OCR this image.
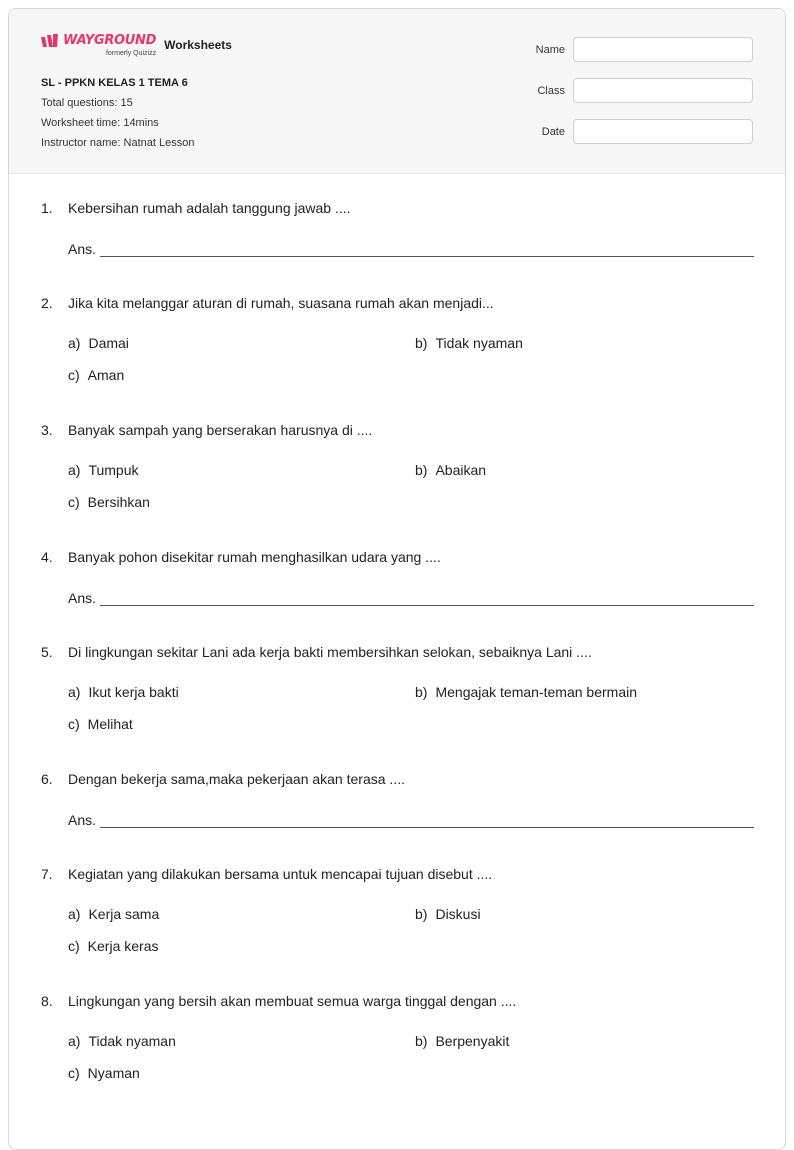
WAYGROUND
formerly Quizizz
Worksheets
SL - PPKN KELAS 1 TEMA 6
Total questions: 15
Worksheet time: 14mins
Instructor name: Natnat Lesson
Name
Class
Date
1.	Kebersihan rumah adalah tanggung jawab ....
Ans.
2.	Jika kita melanggar aturan di rumah, suasana rumah akan menjadi...
a) Damai	b) Tidak nyaman
c) Aman
3.	Banyak sampah yang berserakan harusnya di ....
a) Tumpuk	b) Abaikan
c) Bersihkan
4.	Banyak pohon disekitar rumah menghasilkan udara yang ....
Ans.
5.	Di lingkungan sekitar Lani ada kerja bakti membersihkan selokan, sebaiknya Lani ....
a) Ikut kerja bakti	b) Mengajak teman-teman bermain
c) Melihat
6.	Dengan bekerja sama,maka pekerjaan akan terasa ....
Ans.
7.	Kegiatan yang dilakukan bersama untuk mencapai tujuan disebut ....
a) Kerja sama	b) Diskusi
c) Kerja keras
8.	Lingkungan yang bersih akan membuat semua warga tinggal dengan ....
a) Tidak nyaman	b) Berpenyakit
c) Nyaman
